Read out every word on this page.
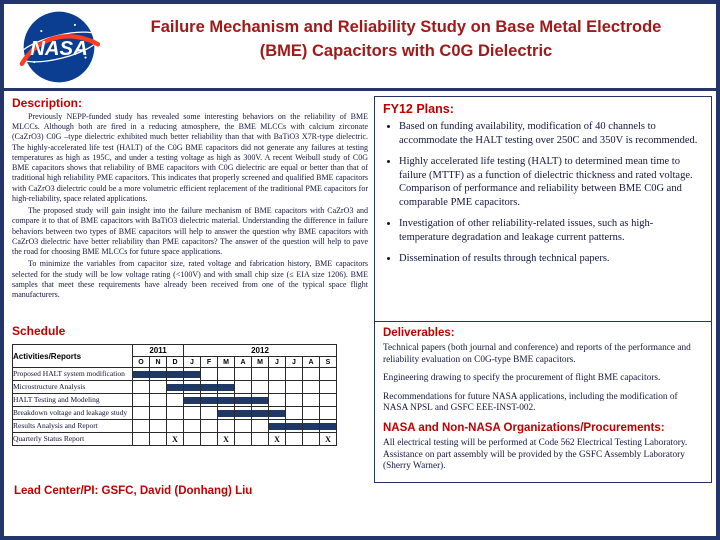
NASA
Failure Mechanism and Reliability Study on Base Metal Electrode
(BME) Capacitors with C0G Dielectric
Description:

Previously NEPP-funded study has revealed some interesting behaviors on the reliability of BME MLCCs. Although both are fired in a reducing atmosphere, the BME MLCCs with calcium zirconate (CaZrO3) C0G –type dielectric exhibited much better reliability than that with BaTiO3 X7R-type dielectric. The highly-accelerated life test (HALT) of the C0G BME capacitors did not generate any failures at testing temperatures as high as 195C, and under a testing voltage as high as 300V. A recent Weibull study of C0G BME capacitors shows that reliability of BME capacitors with C0G dielectric are equal or better than that of traditional high reliability PME capacitors. This indicates that properly screened and qualified BME capacitors with CaZrO3 dielectric could be a more volumetric efficient replacement of the traditional PME capacitors for high-reliability, space related applications.

The proposed study will gain insight into the failure mechanism of BME capacitors with CaZrO3 and compare it to that of BME capacitors with BaTiO3 dielectric material. Understanding the difference in failure behaviors between two types of BME capacitors will help to answer the question why BME capacitors with CaZrO3 dielectric have better reliability than PME capacitors? The answer of the question will help to pave the road for choosing BME MLCCs for future space applications.

To minimize the variables from capacitor size, rated voltage and fabrication history, BME capacitors selected for the study will be low voltage rating (<100V) and with small chip size (≤ EIA size 1206). BME samples that meet these requirements have already been received from one of the typical space flight manufacturers.

Schedule
Activities/Reports	2011			2012								
	O	N	D	J	F	M	A	M	J	J	A	S
Proposed HALT system modification	

Microstructure Analysis			

HALT Testing and Modeling				

Breakdown voltage and leakage study						

Results Analysis and Report									

Quarterly Status Report			X			X			X			X
Lead Center/PI: GSFC, David (Donhang) Liu
FY12 Plans:
• Based on funding availability, modification of 40 channels to accommodate the HALT testing over 250C and 350V is recommended.
• Highly accelerated life testing (HALT) to determined mean time to failure (MTTF) as a function of dielectric thickness and rated voltage. Comparison of performance and reliability between BME C0G and comparable PME capacitors.
• Investigation of other reliability-related issues, such as high-temperature degradation and leakage current patterns.
• Dissemination of results through technical papers.
Deliverables:

Technical papers (both journal and conference) and reports of the performance and reliability evaluation on C0G-type BME capacitors.

Engineering drawing to specify the procurement of flight BME capacitors.

Recommendations for future NASA applications, including the modification of NASA NPSL and GSFC EEE-INST-002.

NASA and Non-NASA Organizations/Procurements:

All electrical testing will be performed at Code 562 Electrical Testing Laboratory. Assistance on part assembly will be provided by the GSFC Assembly Laboratory (Sherry Warner).
